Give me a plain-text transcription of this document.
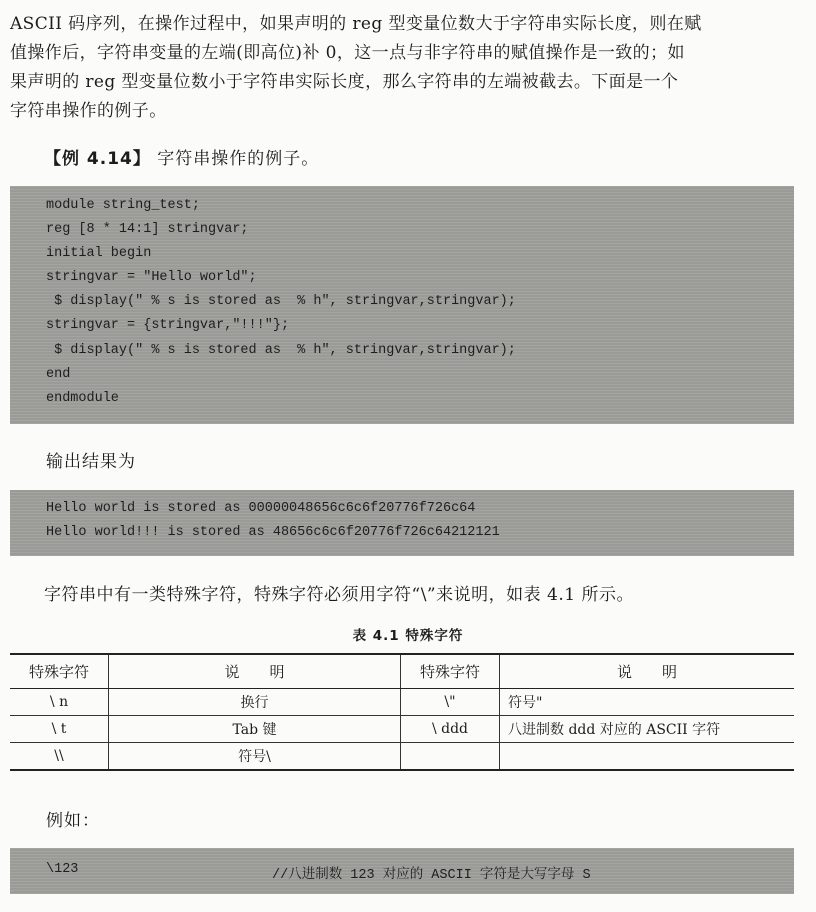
ASCII 码序列，在操作过程中，如果声明的 reg 型变量位数大于字符串实际长度，则在赋
值操作后，字符串变量的左端(即高位)补 0，这一点与非字符串的赋值操作是一致的；如
果声明的 reg 型变量位数小于字符串实际长度，那么字符串的左端被截去。下面是一个
字符串操作的例子。
【例 4.14】 字符串操作的例子。
module string_test;
reg [8 * 14:1] stringvar;
initial begin
stringvar = "Hello world";
$ display(" % s is stored as  % h", stringvar,stringvar);
stringvar = {stringvar,"!!!"};
$ display(" % s is stored as  % h", stringvar,stringvar);
end
endmodule
输出结果为
Hello world is stored as 00000048656c6c6f20776f726c64
Hello world!!! is stored as 48656c6c6f20776f726c64212121
字符串中有一类特殊字符，特殊字符必须用字符“\”来说明，如表 4.1 所示。
表 4.1 特殊字符
特殊字符	说　　明	特殊字符	说　　明
\ n	换行	\"	符号"
\ t	Tab 键	\ ddd	八进制数 ddd 对应的 ASCII 字符
\\	符号\		
例如：
\123	//八进制数 123 对应的 ASCII 字符是大写字母 S
